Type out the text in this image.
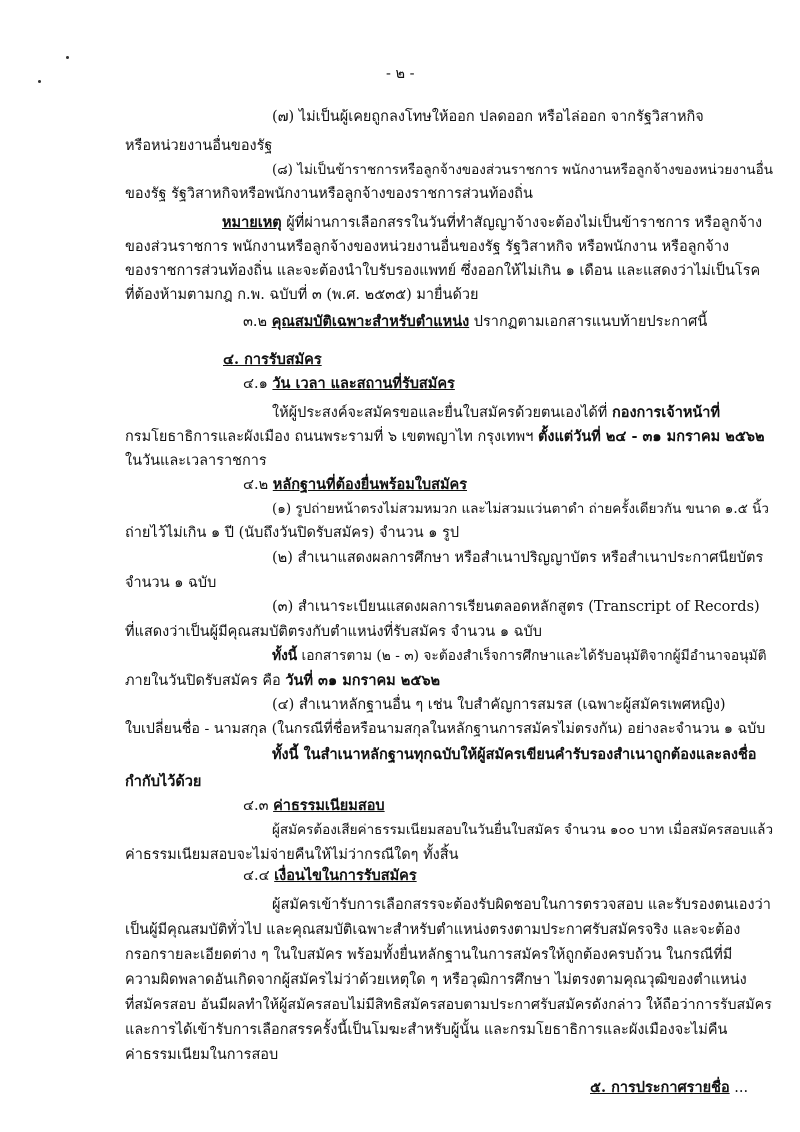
- ๒ -
(๗) ไม่เป็นผู้เคยถูกลงโทษให้ออก ปลดออก หรือไล่ออก จากรัฐวิสาหกิจ
หรือหน่วยงานอื่นของรัฐ
(๘) ไม่เป็นข้าราชการหรือลูกจ้างของส่วนราชการ พนักงานหรือลูกจ้างของหน่วยงานอื่น
ของรัฐ รัฐวิสาหกิจหรือพนักงานหรือลูกจ้างของราชการส่วนท้องถิ่น
หมายเหตุ ผู้ที่ผ่านการเลือกสรรในวันที่ทำสัญญาจ้างจะต้องไม่เป็นข้าราชการ หรือลูกจ้าง
ของส่วนราชการ พนักงานหรือลูกจ้างของหน่วยงานอื่นของรัฐ รัฐวิสาหกิจ หรือพนักงาน หรือลูกจ้าง
ของราชการส่วนท้องถิ่น และจะต้องนำใบรับรองแพทย์ ซึ่งออกให้ไม่เกิน ๑ เดือน และแสดงว่าไม่เป็นโรค
ที่ต้องห้ามตามกฎ ก.พ. ฉบับที่ ๓ (พ.ศ. ๒๕๓๕) มายื่นด้วย
๓.๒ คุณสมบัติเฉพาะสำหรับตำแหน่ง ปรากฏตามเอกสารแนบท้ายประกาศนี้
๔. การรับสมัคร
๔.๑ วัน เวลา และสถานที่รับสมัคร
ให้ผู้ประสงค์จะสมัครขอและยื่นใบสมัครด้วยตนเองได้ที่ กองการเจ้าหน้าที่
กรมโยธาธิการและผังเมือง ถนนพระรามที่ ๖ เขตพญาไท กรุงเทพฯ ตั้งแต่วันที่ ๒๔ - ๓๑ มกราคม ๒๕๖๒
ในวันและเวลาราชการ
๔.๒ หลักฐานที่ต้องยื่นพร้อมใบสมัคร
(๑) รูปถ่ายหน้าตรงไม่สวมหมวก และไม่สวมแว่นตาดำ ถ่ายครั้งเดียวกัน ขนาด ๑.๕ นิ้ว
ถ่ายไว้ไม่เกิน ๑ ปี (นับถึงวันปิดรับสมัคร) จำนวน ๑ รูป
(๒) สำเนาแสดงผลการศึกษา หรือสำเนาปริญญาบัตร หรือสำเนาประกาศนียบัตร
จำนวน ๑ ฉบับ
(๓) สำเนาระเบียนแสดงผลการเรียนตลอดหลักสูตร (Transcript of Records)
ที่แสดงว่าเป็นผู้มีคุณสมบัติตรงกับตำแหน่งที่รับสมัคร จำนวน ๑ ฉบับ
ทั้งนี้ เอกสารตาม (๒ - ๓) จะต้องสำเร็จการศึกษาและได้รับอนุมัติจากผู้มีอำนาจอนุมัติ
ภายในวันปิดรับสมัคร คือ วันที่ ๓๑ มกราคม ๒๕๖๒
(๔) สำเนาหลักฐานอื่น ๆ เช่น ใบสำคัญการสมรส (เฉพาะผู้สมัครเพศหญิง)
ใบเปลี่ยนชื่อ - นามสกุล (ในกรณีที่ชื่อหรือนามสกุลในหลักฐานการสมัครไม่ตรงกัน) อย่างละจำนวน ๑ ฉบับ
ทั้งนี้ ในสำเนาหลักฐานทุกฉบับให้ผู้สมัครเขียนคำรับรองสำเนาถูกต้องและลงชื่อ
กำกับไว้ด้วย
๔.๓ ค่าธรรมเนียมสอบ
ผู้สมัครต้องเสียค่าธรรมเนียมสอบในวันยื่นใบสมัคร จำนวน ๑๐๐ บาท เมื่อสมัครสอบแล้ว
ค่าธรรมเนียมสอบจะไม่จ่ายคืนให้ไม่ว่ากรณีใดๆ ทั้งสิ้น
๔.๔ เงื่อนไขในการรับสมัคร
ผู้สมัครเข้ารับการเลือกสรรจะต้องรับผิดชอบในการตรวจสอบ และรับรองตนเองว่า
เป็นผู้มีคุณสมบัติทั่วไป และคุณสมบัติเฉพาะสำหรับตำแหน่งตรงตามประกาศรับสมัครจริง และจะต้อง
กรอกรายละเอียดต่าง ๆ ในใบสมัคร พร้อมทั้งยื่นหลักฐานในการสมัครให้ถูกต้องครบถ้วน ในกรณีที่มี
ความผิดพลาดอันเกิดจากผู้สมัครไม่ว่าด้วยเหตุใด ๆ หรือวุฒิการศึกษา ไม่ตรงตามคุณวุฒิของตำแหน่ง
ที่สมัครสอบ อันมีผลทำให้ผู้สมัครสอบไม่มีสิทธิสมัครสอบตามประกาศรับสมัครดังกล่าว ให้ถือว่าการรับสมัคร
และการได้เข้ารับการเลือกสรรครั้งนี้เป็นโมฆะสำหรับผู้นั้น และกรมโยธาธิการและผังเมืองจะไม่คืน
ค่าธรรมเนียมในการสอบ
๕. การประกาศรายชื่อ ...
